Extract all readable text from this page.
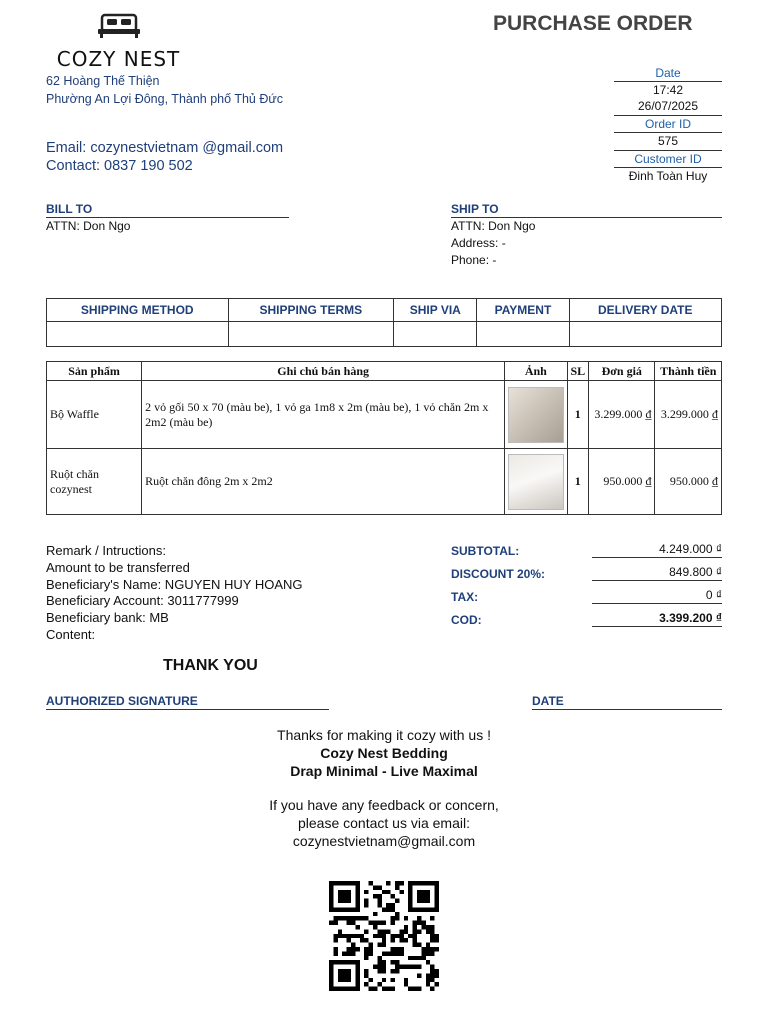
COZY NEST
62 Hoàng Thế Thiện
Phường An Lợi Đông, Thành phố Thủ Đức
Email: cozynestvietnam @gmail.com
Contact: 0837 190 502
PURCHASE ORDER
Date
17:42
26/07/2025
Order ID
575
Customer ID
Đinh Toàn Huy
BILL TO
ATTN: Don Ngo
SHIP TO
ATTN: Don Ngo
Address: -
Phone: -
SHIPPING METHOD	SHIPPING TERMS	SHIP VIA	PAYMENT	DELIVERY DATE

Sản phẩm	Ghi chú bán hàng	Ảnh	SL	Đơn giá	Thành tiền
Bộ Waffle	2 vỏ gối 50 x 70 (màu be), 1 vỏ ga 1m8 x 2m (màu be), 1 vỏ chăn 2m x 2m2 (màu be)		1	3.299.000 ₫	3.299.000 ₫
Ruột chăn cozynest	Ruột chăn đông 2m x 2m2		1	950.000 ₫	950.000 ₫
Remark / Intructions:
Amount to be transferred
Beneficiary's Name: NGUYEN HUY HOANG
Beneficiary Account: 3011777999
Beneficiary bank: MB
Content:
SUBTOTAL:	4.249.000 ₫
DISCOUNT 20%:	849.800 ₫
TAX:	0 ₫
COD:	3.399.200 ₫
THANK YOU
AUTHORIZED SIGNATURE	DATE
Thanks for making it cozy with us !
Cozy Nest Bedding
Drap Minimal - Live Maximal
If you have any feedback or concern,
please contact us via email:
cozynestvietnam@gmail.com
